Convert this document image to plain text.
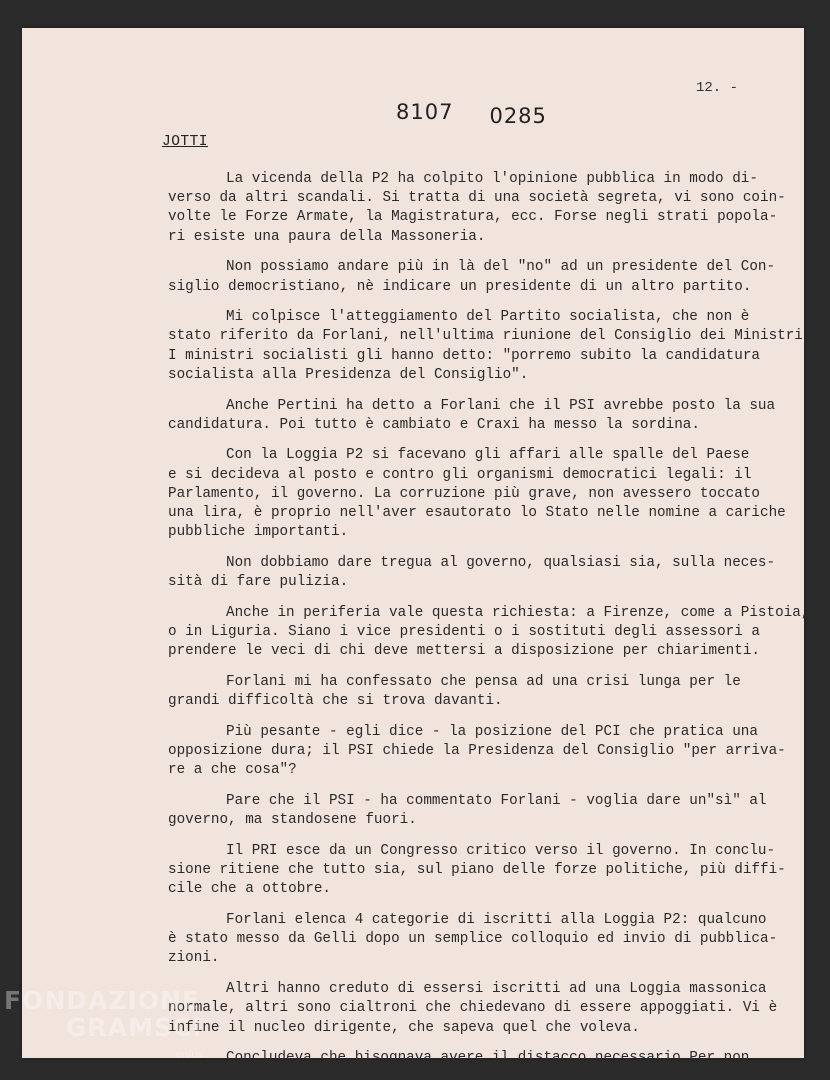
12. -
8107 0285
JOTTI
La vicenda della P2 ha colpito l'opinione pubblica in modo di-
verso da altri scandali. Si tratta di una società segreta, vi sono coin-
volte le Forze Armate, la Magistratura, ecc. Forse negli strati popola-
ri esiste una paura della Massoneria.
Non possiamo andare più in là del "no" ad un presidente del Con-
siglio democristiano, nè indicare un presidente di un altro partito.
Mi colpisce l'atteggiamento del Partito socialista, che non è
stato riferito da Forlani, nell'ultima riunione del Consiglio dei Ministri.
I ministri socialisti gli hanno detto: "porremo subito la candidatura
socialista alla Presidenza del Consiglio".
Anche Pertini ha detto a Forlani che il PSI avrebbe posto la sua
candidatura. Poi tutto è cambiato e Craxi ha messo la sordina.
Con la Loggia P2 si facevano gli affari alle spalle del Paese
e si decideva al posto e contro gli organismi democratici legali: il
Parlamento, il governo. La corruzione più grave, non avessero toccato
una lira, è proprio nell'aver esautorato lo Stato nelle nomine a cariche
pubbliche importanti.
Non dobbiamo dare tregua al governo, qualsiasi sia, sulla neces-
sità di fare pulizia.
Anche in periferia vale questa richiesta: a Firenze, come a Pistoia,
o in Liguria. Siano i vice presidenti o i sostituti degli assessori a
prendere le veci di chi deve mettersi a disposizione per chiarimenti.
Forlani mi ha confessato che pensa ad una crisi lunga per le
grandi difficoltà che si trova davanti.
Più pesante - egli dice - la posizione del PCI che pratica una
opposizione dura; il PSI chiede la Presidenza del Consiglio "per arriva-
re a che cosa"?
Pare che il PSI - ha commentato Forlani - voglia dare un"sì" al
governo, ma standosene fuori.
Il PRI esce da un Congresso critico verso il governo. In conclu-
sione ritiene che tutto sia, sul piano delle forze politiche, più diffi-
cile che a ottobre.
Forlani elenca 4 categorie di iscritti alla Loggia P2: qualcuno
è stato messo da Gelli dopo un semplice colloquio ed invio di pubblica-
zioni.
Altri hanno creduto di essersi iscritti ad una Loggia massonica
normale, altri sono cialtroni che chiedevano di essere appoggiati. Vi è
infine il nucleo dirigente, che sapeva quel che voleva.
Concludeva che bisognava avere il distacco necessario Per non
FONDAZIONE
GRAMSCI
onlus
